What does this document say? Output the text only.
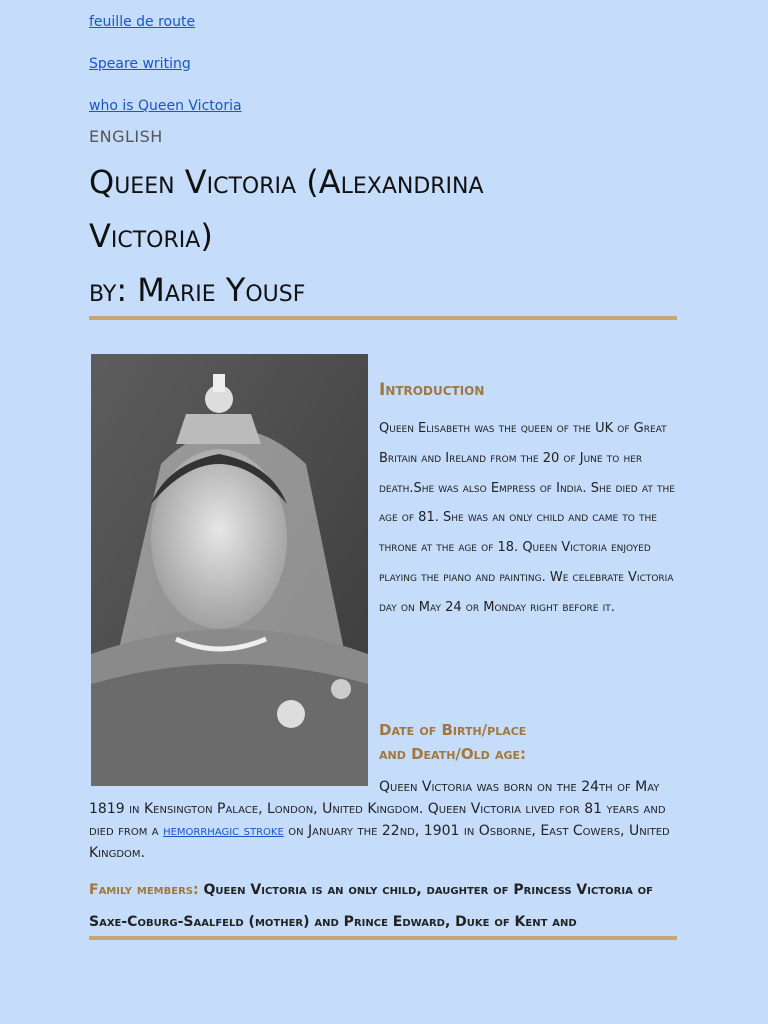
feuille de route
Speare writing
who is Queen Victoria
ENGLISH
Queen Victoria (Alexandrina
Victoria)
by: Marie Yousf
Introduction
Queen Elisabeth was the queen of the UK of Great Britain and Ireland from the 20 of June to her death.She was also Empress of India. She died at the age of 81. She was an only child and came to the throne at the age of 18. Queen Victoria enjoyed playing the piano and painting. We celebrate Victoria day on May 24 or Monday right before it.
Date of Birth/place
and Death/Old age:
Queen Victoria was born on the 24th of May 1819 in Kensington Palace, London, United Kingdom. Queen Victoria lived for 81 years and died from a hemorrhagic stroke on January the 22nd, 1901 in Osborne, East Cowers, United Kingdom.
Family members: Queen Victoria is an only child, daughter of Princess Victoria of Saxe-Coburg-Saalfeld (mother) and Prince Edward, Duke of Kent and
